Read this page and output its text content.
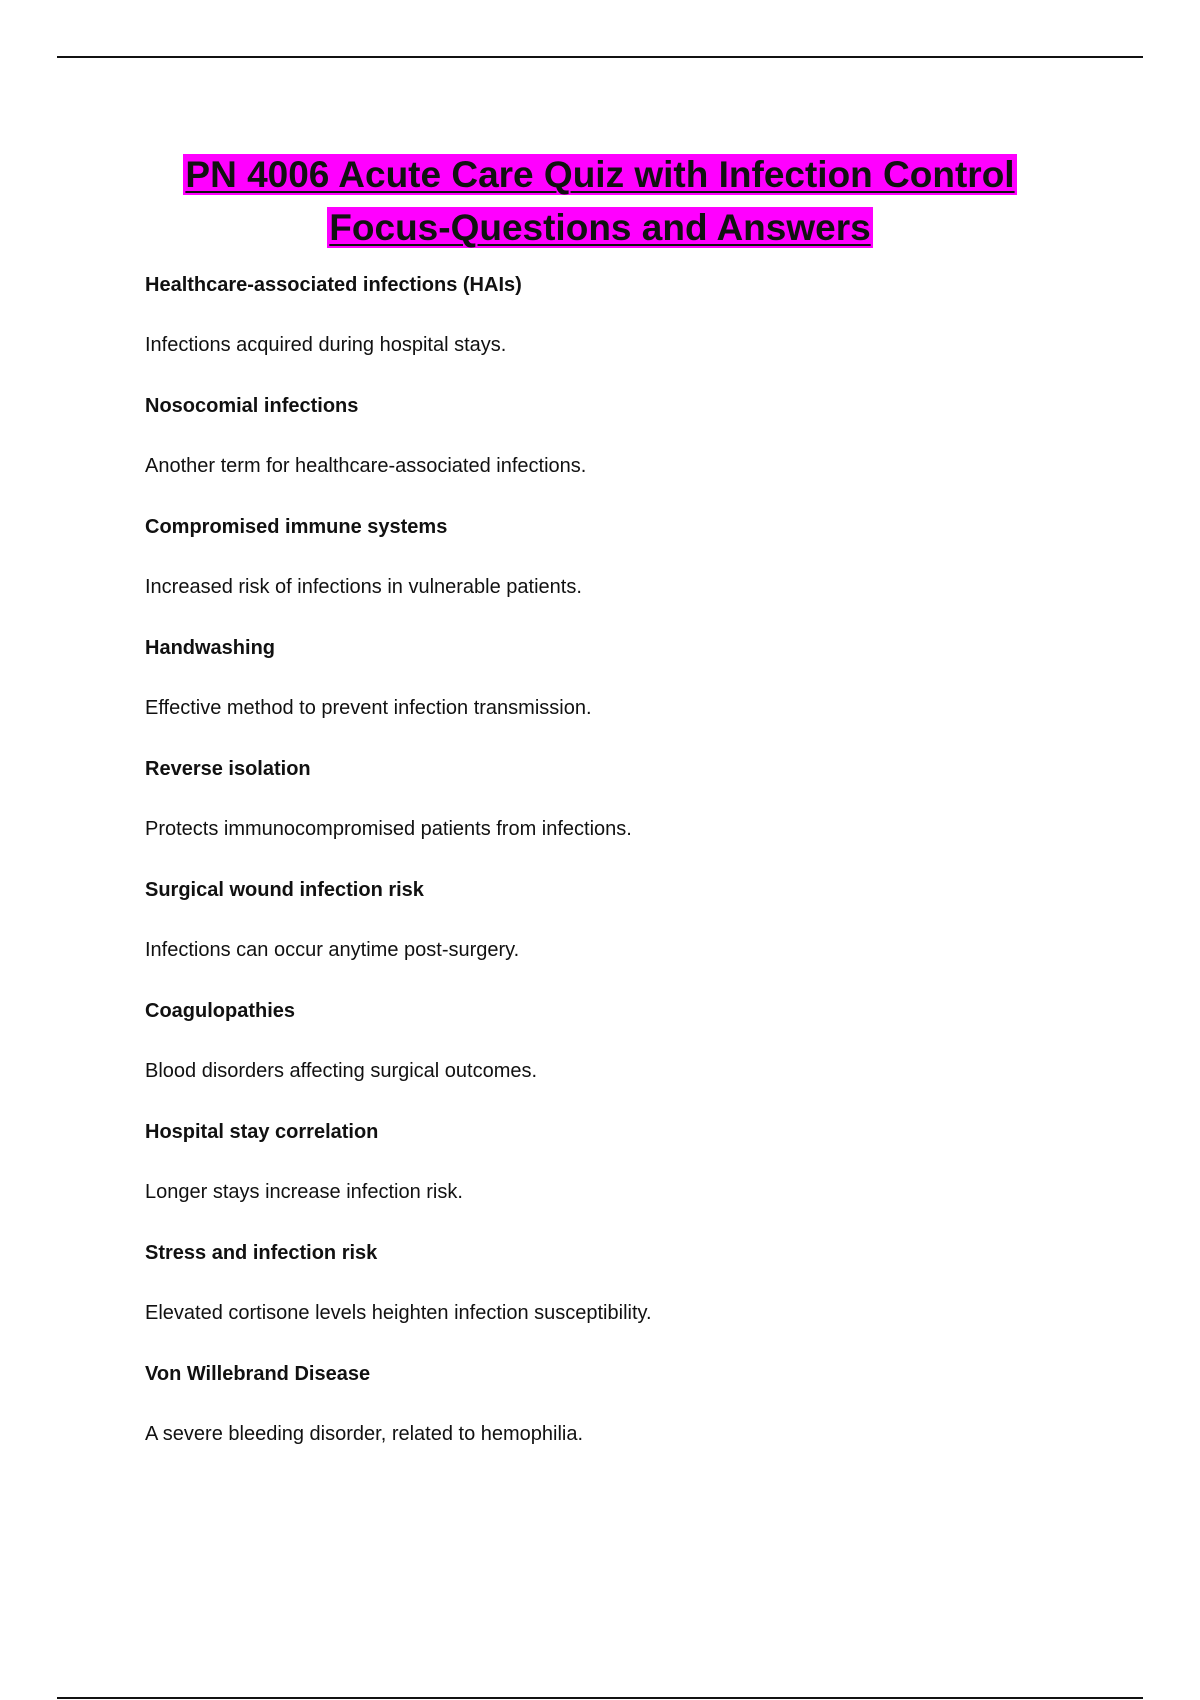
PN 4006 Acute Care Quiz with Infection Control
Focus-Questions and Answers
Healthcare-associated infections (HAIs)
Infections acquired during hospital stays.
Nosocomial infections
Another term for healthcare-associated infections.
Compromised immune systems
Increased risk of infections in vulnerable patients.
Handwashing
Effective method to prevent infection transmission.
Reverse isolation
Protects immunocompromised patients from infections.
Surgical wound infection risk
Infections can occur anytime post-surgery.
Coagulopathies
Blood disorders affecting surgical outcomes.
Hospital stay correlation
Longer stays increase infection risk.
Stress and infection risk
Elevated cortisone levels heighten infection susceptibility.
Von Willebrand Disease
A severe bleeding disorder, related to hemophilia.
